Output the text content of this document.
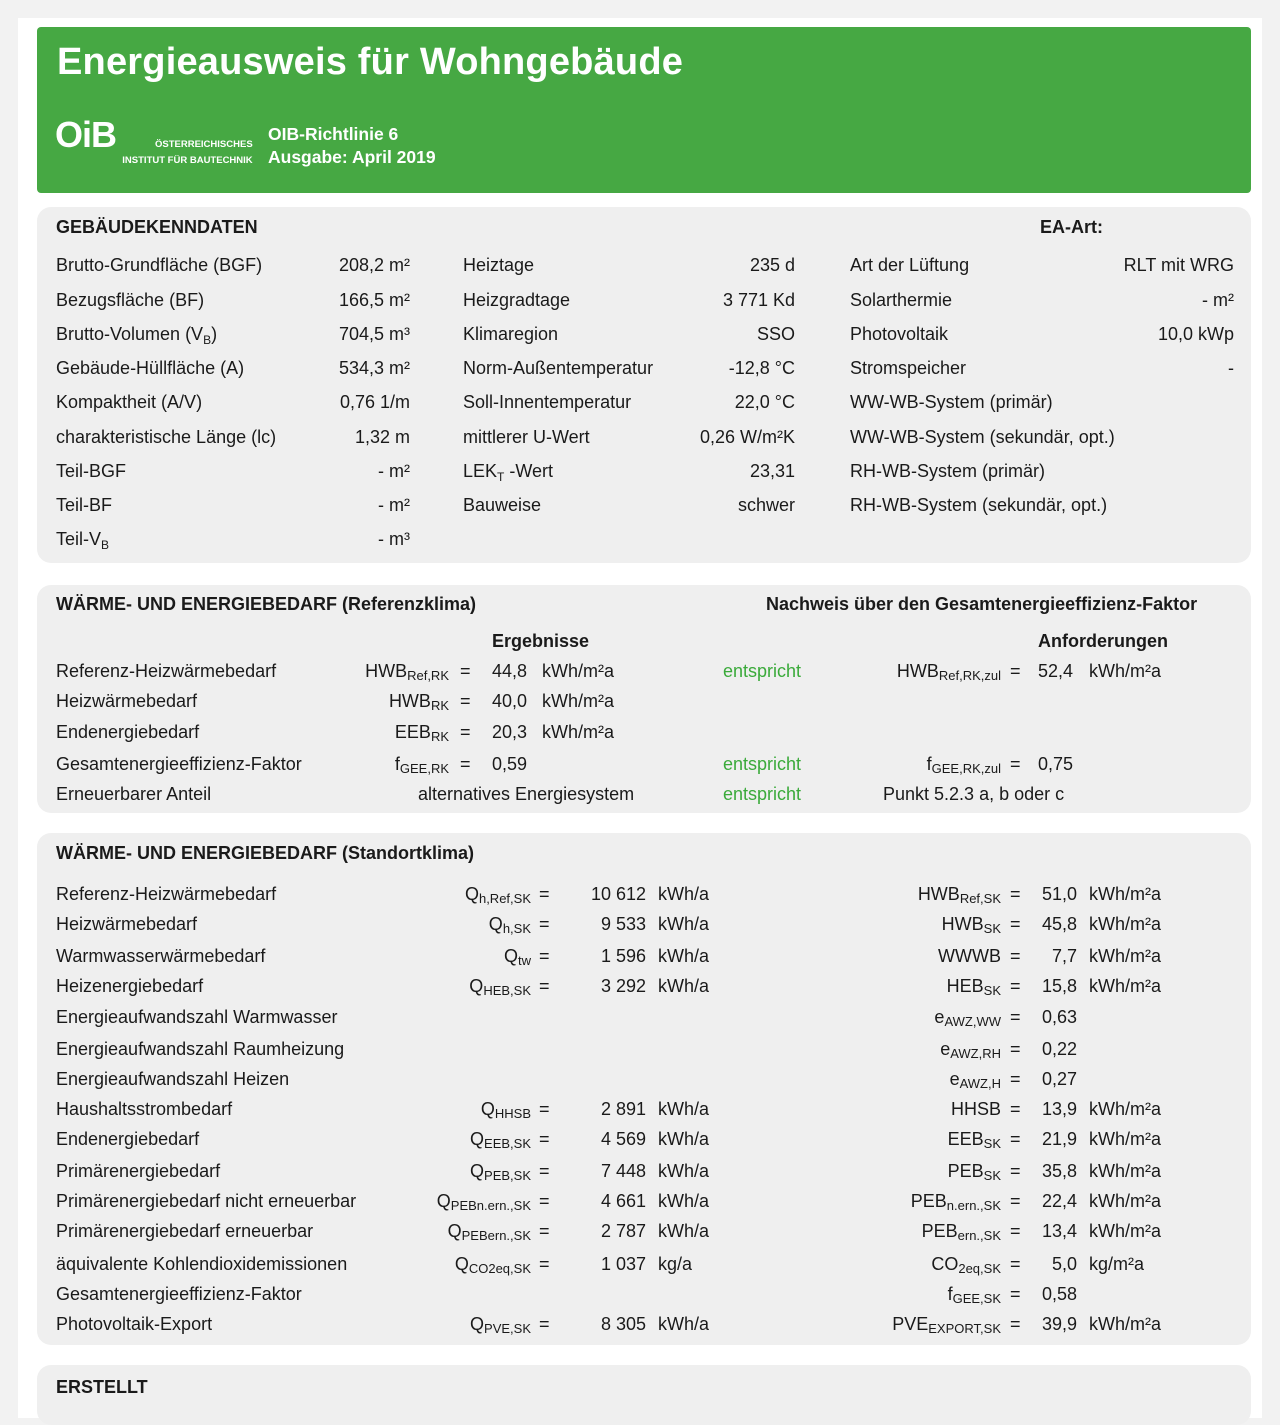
Energieausweis für Wohngebäude
OiB	ÖSTERREICHISCHES
INSTITUT FÜR BAUTECHNIK
OIB-Richtlinie 6
Ausgabe: April 2019
GEBÄUDEKENNDATEN	EA-Art:
Brutto-Grundfläche (BGF)	208,2 m²
Bezugsfläche (BF)	166,5 m²
Brutto-Volumen $(V_B)$	704,5 m³
Gebäude-Hüllfläche (A)	534,3 m²
Kompaktheit (A/V)	0,76 1/m
charakteristische Länge (lc)	1,32 m
Teil-BGF	- m²
Teil-BF	- m²
Teil-$V_B$	- m³
Heiztage	235 d
Heizgradtage	3 771 Kd
Klimaregion	SSO
Norm-Außentemperatur	-12,8 °C
Soll-Innentemperatur	22,0 °C
mittlerer U-Wert	0,26 W/m²K
$LEK_T$ -Wert	23,31
Bauweise	schwer
Art der Lüftung	RLT mit WRG
Solarthermie	- m²
Photovoltaik	10,0 kWp
Stromspeicher	-
WW-WB-System (primär)
WW-WB-System (sekundär, opt.)
RH-WB-System (primär)
RH-WB-System (sekundär, opt.)
WÄRME- UND ENERGIEBEDARF (Referenzklima)	Nachweis über den Gesamtenergieeffizienz-Faktor
Ergebnisse	Anforderungen
Referenz-Heizwärmebedarf	HWBRef,RK = 44,8 kWh/m²a	entspricht	HWBRef,RK,zul = 52,4 kWh/m²a
Heizwärmebedarf	HWBRK = 40,0 kWh/m²a
Endenergiebedarf	EEBRK = 20,3 kWh/m²a
Gesamtenergieeffizienz-Faktor	fGEE,RK = 0,59	entspricht	fGEE,RK,zul = 0,75
Erneuerbarer Anteil	alternatives Energiesystem	entspricht	Punkt 5.2.3 a, b oder c
WÄRME- UND ENERGIEBEDARF (Standortklima)
Referenz-Heizwärmebedarf	Qh,Ref,SK =	10 612 kWh/a	HWBRef,SK =	51,0 kWh/m²a
Heizwärmebedarf	Qh,SK =	9 533 kWh/a	HWBSK =	45,8 kWh/m²a
Warmwasserwärmebedarf	Qtw =	1 596 kWh/a	WWWB =	7,7 kWh/m²a
Heizenergiebedarf	QHEB,SK =	3 292 kWh/a	HEBSK =	15,8 kWh/m²a
Energieaufwandszahl Warmwasser	eAWZ,WW =	0,63
Energieaufwandszahl Raumheizung	eAWZ,RH =	0,22
Energieaufwandszahl Heizen	eAWZ,H =	0,27
Haushaltsstrombedarf	QHHSB =	2 891 kWh/a	HHSB =	13,9 kWh/m²a
Endenergiebedarf	QEEB,SK =	4 569 kWh/a	EEBSK =	21,9 kWh/m²a
Primärenergiebedarf	QPEB,SK =	7 448 kWh/a	PEBSK =	35,8 kWh/m²a
Primärenergiebedarf nicht erneuerbar	QPEBn.ern.,SK =	4 661 kWh/a	PEBn.ern.,SK =	22,4 kWh/m²a
Primärenergiebedarf erneuerbar	QPEBern.,SK =	2 787 kWh/a	PEBern.,SK =	13,4 kWh/m²a
äquivalente Kohlendioxidemissionen	QCO2eq,SK =	1 037 kg/a	CO2eq,SK =	5,0 kg/m²a
Gesamtenergieeffizienz-Faktor	fGEE,SK =	0,58
Photovoltaik-Export	QPVE,SK =	8 305 kWh/a	PVEEXPORT,SK =	39,9 kWh/m²a
ERSTELLT
